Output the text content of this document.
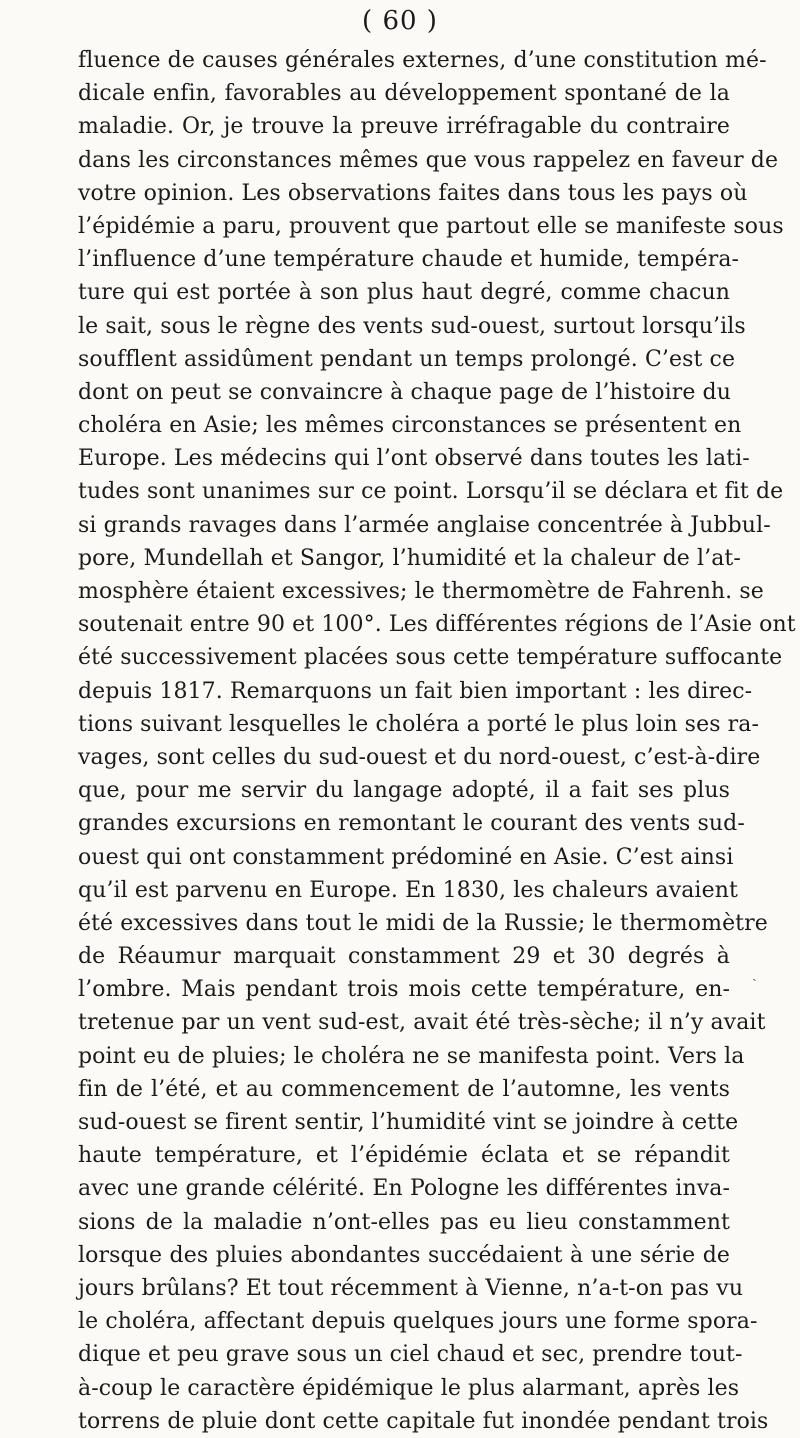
( 60 )
fluence de causes générales externes, d’une constitution mé-
dicale enfin, favorables au développement spontané de la
maladie. Or, je trouve la preuve irréfragable du contraire
dans les circonstances mêmes que vous rappelez en faveur de
votre opinion. Les observations faites dans tous les pays où
l’épidémie a paru, prouvent que partout elle se manifeste sous
l’influence d’une température chaude et humide, tempéra-
ture qui est portée à son plus haut degré, comme chacun
le sait, sous le règne des vents sud-ouest, surtout lorsqu’ils
soufflent assidûment pendant un temps prolongé. C’est ce
dont on peut se convaincre à chaque page de l’histoire du
choléra en Asie; les mêmes circonstances se présentent en
Europe. Les médecins qui l’ont observé dans toutes les lati-
tudes sont unanimes sur ce point. Lorsqu’il se déclara et fit de
si grands ravages dans l’armée anglaise concentrée à Jubbul-
pore, Mundellah et Sangor, l’humidité et la chaleur de l’at-
mosphère étaient excessives; le thermomètre de Fahrenh. se
soutenait entre 90 et 100°. Les différentes régions de l’Asie ont
été successivement placées sous cette température suffocante
depuis 1817. Remarquons un fait bien important : les direc-
tions suivant lesquelles le choléra a porté le plus loin ses ra-
vages, sont celles du sud-ouest et du nord-ouest, c’est-à-dire
que, pour me servir du langage adopté, il a fait ses plus
grandes excursions en remontant le courant des vents sud-
ouest qui ont constamment prédominé en Asie. C’est ainsi
qu’il est parvenu en Europe. En 1830, les chaleurs avaient
été excessives dans tout le midi de la Russie; le thermomètre
de Réaumur marquait constamment 29 et 30 degrés à
l’ombre. Mais pendant trois mois cette température, en-
tretenue par un vent sud-est, avait été très-sèche; il n’y avait
point eu de pluies; le choléra ne se manifesta point. Vers la
fin de l’été, et au commencement de l’automne, les vents
sud-ouest se firent sentir, l’humidité vint se joindre à cette
haute température, et l’épidémie éclata et se répandit
avec une grande célérité. En Pologne les différentes inva-
sions de la maladie n’ont-elles pas eu lieu constamment
lorsque des pluies abondantes succédaient à une série de
jours brûlans? Et tout récemment à Vienne, n’a-t-on pas vu
le choléra, affectant depuis quelques jours une forme spora-
dique et peu grave sous un ciel chaud et sec, prendre tout-
à-coup le caractère épidémique le plus alarmant, après les
torrens de pluie dont cette capitale fut inondée pendant trois
ˏ
